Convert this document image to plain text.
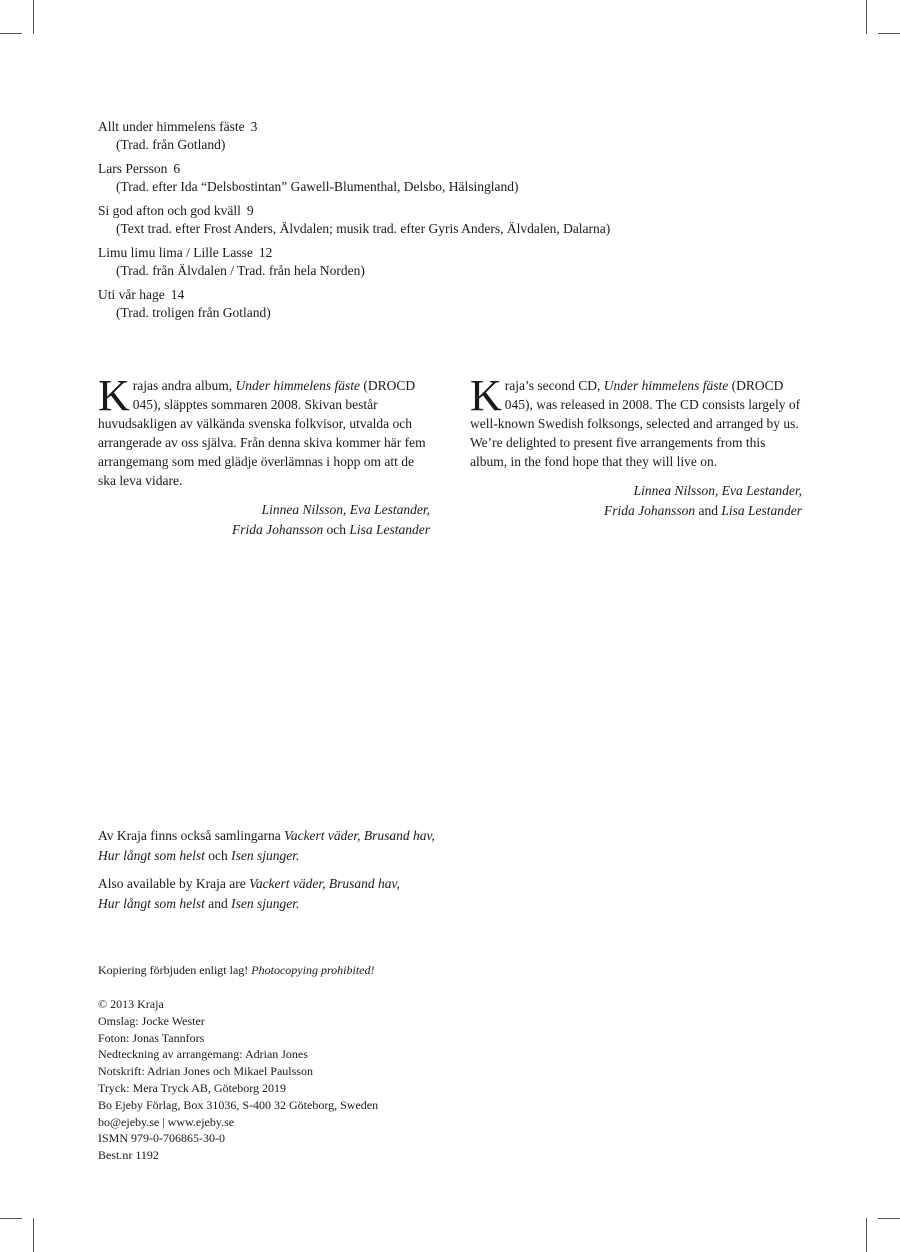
Allt under himmelens fäste 3
(Trad. från Gotland)
Lars Persson 6
(Trad. efter Ida “Delsbostintan” Gawell-Blumenthal, Delsbo, Hälsingland)
Si god afton och god kväll 9
(Text trad. efter Frost Anders, Älvdalen; musik trad. efter Gyris Anders, Älvdalen, Dalarna)
Limu limu lima / Lille Lasse 12
(Trad. från Älvdalen / Trad. från hela Norden)
Uti vår hage 14
(Trad. troligen från Gotland)

Krajas andra album, Under himmelens fäste (DROCD 045), släpptes sommaren 2008. Skivan består huvudsakligen av välkända svenska folkvisor, utvalda och arrangerade av oss själva. Från denna skiva kommer här fem arrangemang som med glädje överlämnas i hopp om att de ska leva vidare.

Linnea Nilsson, Eva Lestander,
Frida Johansson och Lisa Lestander

Kraja’s second CD, Under himmelens fäste (DROCD 045), was released in 2008. The CD consists largely of well-known Swedish folksongs, selected and arranged by us. We’re delighted to present five arrangements from this album, in the fond hope that they will live on.

Linnea Nilsson, Eva Lestander,
Frida Johansson and Lisa Lestander

Av Kraja finns också samlingarna Vackert väder, Brusand hav,
Hur långt som helst och Isen sjunger.

Also available by Kraja are Vackert väder, Brusand hav,
Hur långt som helst and Isen sjunger.

Kopiering förbjuden enligt lag! Photocopying prohibited!
© 2013 Kraja
Omslag: Jocke Wester
Foton: Jonas Tannfors
Nedteckning av arrangemang: Adrian Jones
Notskrift: Adrian Jones och Mikael Paulsson
Tryck: Mera Tryck AB, Göteborg 2019
Bo Ejeby Förlag, Box 31036, S-400 32 Göteborg, Sweden
bo@ejeby.se | www.ejeby.se
ISMN 979-0-706865-30-0
Best.nr 1192
